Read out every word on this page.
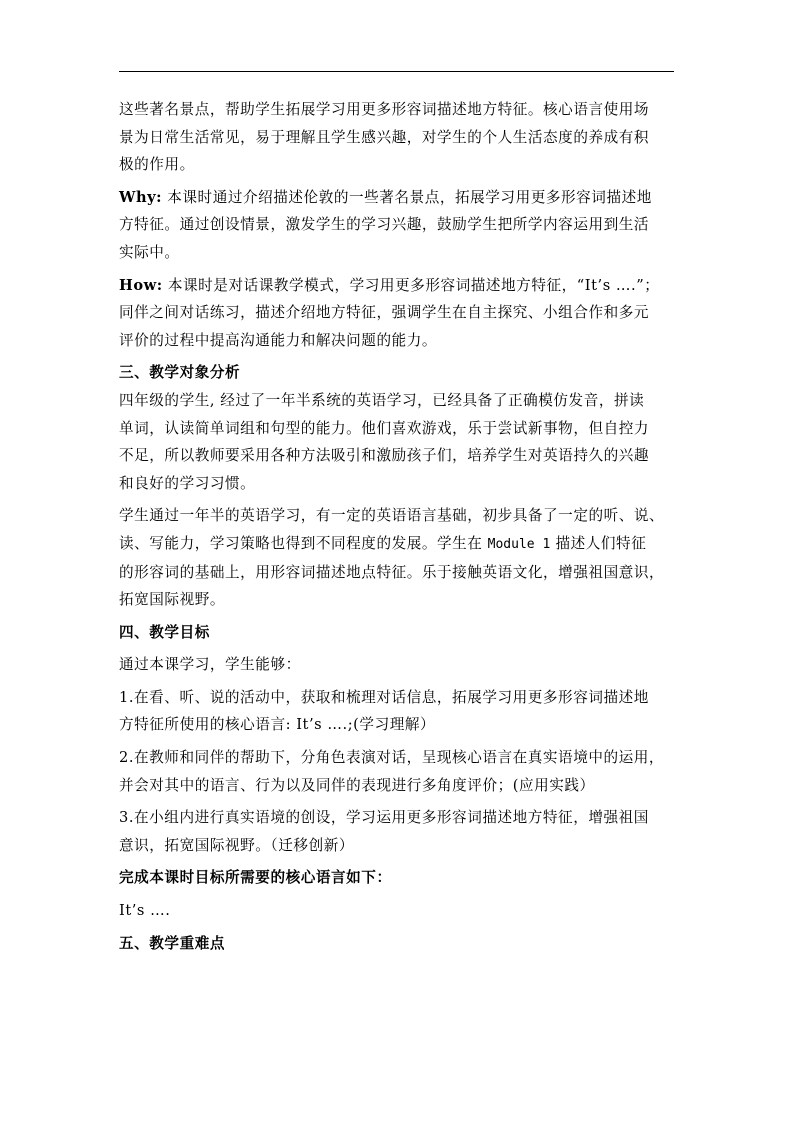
这些著名景点，帮助学生拓展学习用更多形容词描述地方特征。核心语言使用场

景为日常生活常见，易于理解且学生感兴趣，对学生的个人生活态度的养成有积

极的作用。

Why: 本课时通过介绍描述伦敦的一些著名景点，拓展学习用更多形容词描述地

方特征。通过创设情景，激发学生的学习兴趣，鼓励学生把所学内容运用到生活

实际中。

How: 本课时是对话课教学模式，学习用更多形容词描述地方特征，“It’s ….”；

同伴之间对话练习，描述介绍地方特征，强调学生在自主探究、小组合作和多元

评价的过程中提高沟通能力和解决问题的能力。

三、教学对象分析

四年级的学生, 经过了一年半系统的英语学习，已经具备了正确模仿发音，拼读

单词，认读简单词组和句型的能力。他们喜欢游戏，乐于尝试新事物，但自控力

不足，所以教师要采用各种方法吸引和激励孩子们，培养学生对英语持久的兴趣

和良好的学习习惯。

学生通过一年半的英语学习，有一定的英语语言基础，初步具备了一定的听、说、

读、写能力，学习策略也得到不同程度的发展。学生在 Module 1 描述人们特征

的形容词的基础上，用形容词描述地点特征。乐于接触英语文化，增强祖国意识，

拓宽国际视野。

四、教学目标

通过本课学习，学生能够：

1.在看、听、说的活动中，获取和梳理对话信息，拓展学习用更多形容词描述地

方特征所使用的核心语言: It’s ….;(学习理解）

2.在教师和同伴的帮助下，分角色表演对话，呈现核心语言在真实语境中的运用，

并会对其中的语言、行为以及同伴的表现进行多角度评价；(应用实践）

3.在小组内进行真实语境的创设，学习运用更多形容词描述地方特征，增强祖国

意识，拓宽国际视野。（迁移创新）

完成本课时目标所需要的核心语言如下：

It’s ….

五、教学重难点
